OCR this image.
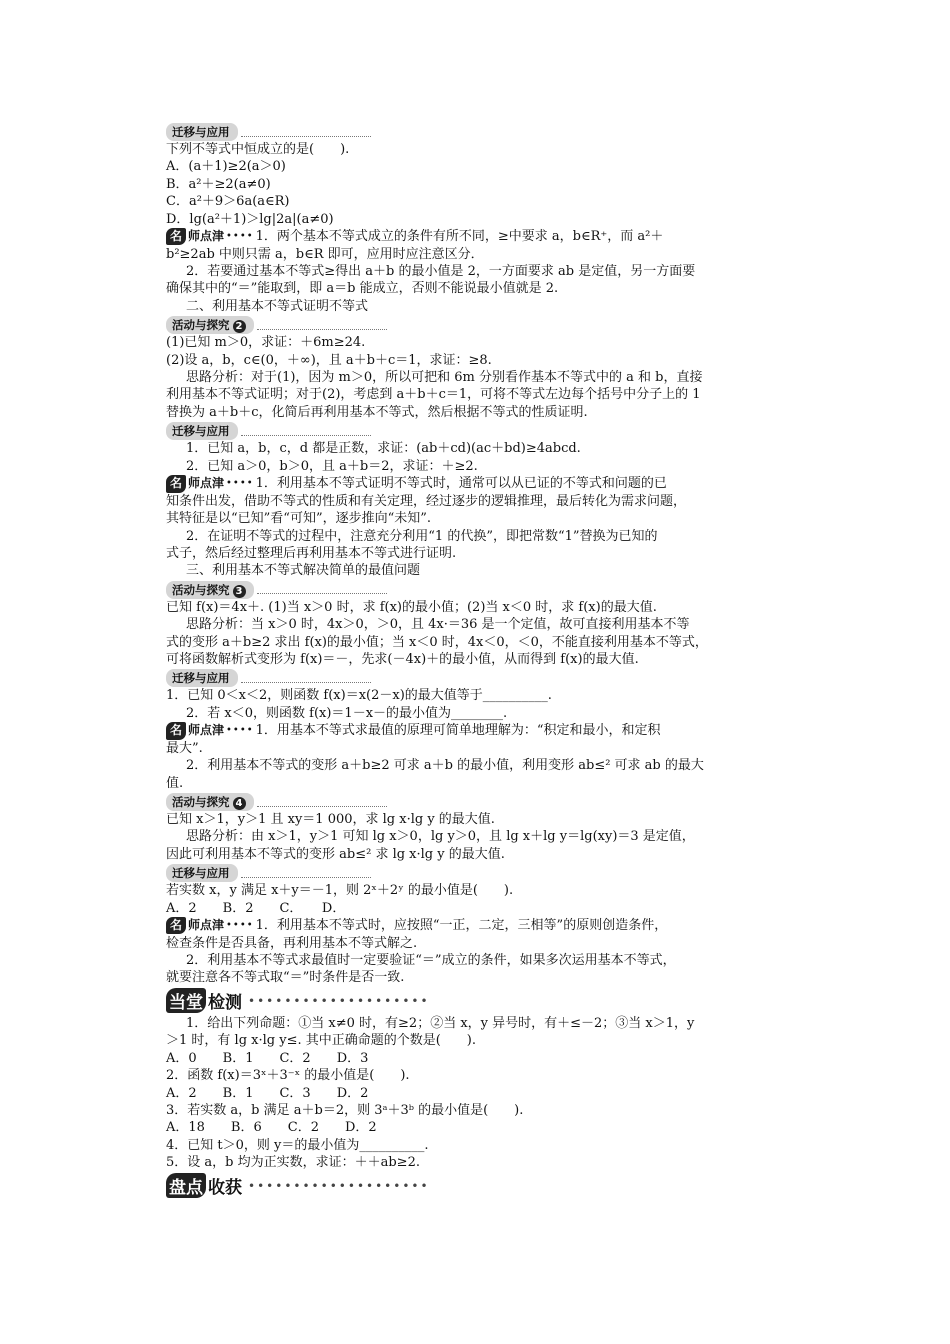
迁移与应用
下列不等式中恒成立的是(　　).
A．(a＋1)≥2(a＞0)
B．a²＋≥2(a≠0)
C．a²＋9＞6a(a∈R)
D．lg(a²＋1)＞lg|2a|(a≠0)
名 师点津 •••• 1．两个基本不等式成立的条件有所不同，≥中要求 a，b∈R⁺，而 a²＋
b²≥2ab 中则只需 a，b∈R 即可，应用时应注意区分．
2．若要通过基本不等式≥得出 a＋b 的最小值是 2，一方面要求 ab 是定值，另一方面要
确保其中的“＝”能取到，即 a＝b 能成立，否则不能说最小值就是 2.
二、利用基本不等式证明不等式
活动与探究 2
(1)已知 m＞0，求证：＋6m≥24.
(2)设 a，b，c∈(0，＋∞)，且 a＋b＋c＝1，求证：≥8.
思路分析：对于(1)，因为 m＞0，所以可把和 6m 分别看作基本不等式中的 a 和 b，直接
利用基本不等式证明；对于(2)，考虑到 a＋b＋c＝1，可将不等式左边每个括号中分子上的 1
替换为 a＋b＋c，化简后再利用基本不等式，然后根据不等式的性质证明.
迁移与应用
1．已知 a，b，c，d 都是正数，求证：(ab＋cd)(ac＋bd)≥4abcd.
2．已知 a＞0，b＞0，且 a＋b＝2，求证：＋≥2.
名 师点津 •••• 1．利用基本不等式证明不等式时，通常可以从已证的不等式和问题的已
知条件出发，借助不等式的性质和有关定理，经过逐步的逻辑推理，最后转化为需求问题，
其特征是以“已知”看“可知”，逐步推向“未知”.
2．在证明不等式的过程中，注意充分利用“1 的代换”，即把常数“1”替换为已知的
式子，然后经过整理后再利用基本不等式进行证明.
三、利用基本不等式解决简单的最值问题
活动与探究 3
已知 f(x)＝4x＋. (1)当 x＞0 时，求 f(x)的最小值；(2)当 x＜0 时，求 f(x)的最大值.
思路分析：当 x＞0 时，4x＞0，＞0，且 4x·＝36 是一个定值，故可直接利用基本不等
式的变形 a＋b≥2 求出 f(x)的最小值；当 x＜0 时，4x＜0，＜0，不能直接利用基本不等式，
可将函数解析式变形为 f(x)＝－，先求(－4x)＋的最小值，从而得到 f(x)的最大值.
迁移与应用
1．已知 0＜x＜2，则函数 f(x)＝x(2－x)的最大值等于__________.
2．若 x＜0，则函数 f(x)＝1－x－的最小值为________.
名 师点津 •••• 1．用基本不等式求最值的原理可简单地理解为：“积定和最小，和定积
最大”.
2．利用基本不等式的变形 a＋b≥2 可求 a＋b 的最小值，利用变形 ab≤² 可求 ab 的最大
值.
活动与探究 4
已知 x＞1，y＞1 且 xy＝1 000，求 lg x·lg y 的最大值.
思路分析：由 x＞1，y＞1 可知 lg x＞0，lg y＞0，且 lg x＋lg y＝lg(xy)＝3 是定值，
因此可利用基本不等式的变形 ab≤² 求 lg x·lg y 的最大值.
迁移与应用
若实数 x，y 满足 x＋y＝－1，则 2ˣ＋2ʸ 的最小值是(　　).
A．2　　B．2　　C．　　D．
名 师点津 •••• 1．利用基本不等式时，应按照“一正，二定，三相等”的原则创造条件，
检查条件是否具备，再利用基本不等式解之.
2．利用基本不等式求最值时一定要验证“＝”成立的条件，如果多次运用基本不等式，
就要注意各不等式取“＝”时条件是否一致.
当堂 检测 ••••••••••••••••••••
1．给出下列命题：①当 x≠0 时，有≥2；②当 x，y 异号时，有＋≤－2；③当 x＞1，y
＞1 时，有 lg x·lg y≤. 其中正确命题的个数是(　　).
A．0　　B．1　　C．2　　D．3
2．函数 f(x)＝3ˣ＋3⁻ˣ 的最小值是(　　).
A．2　　B．1　　C．3　　D．2
3．若实数 a，b 满足 a＋b＝2，则 3ᵃ＋3ᵇ 的最小值是(　　).
A．18　　B．6　　C．2　　D．2
4．已知 t＞0，则 y＝的最小值为__________.
5．设 a，b 均为正实数，求证：＋＋ab≥2.
盘点 收获 ••••••••••••••••••••
